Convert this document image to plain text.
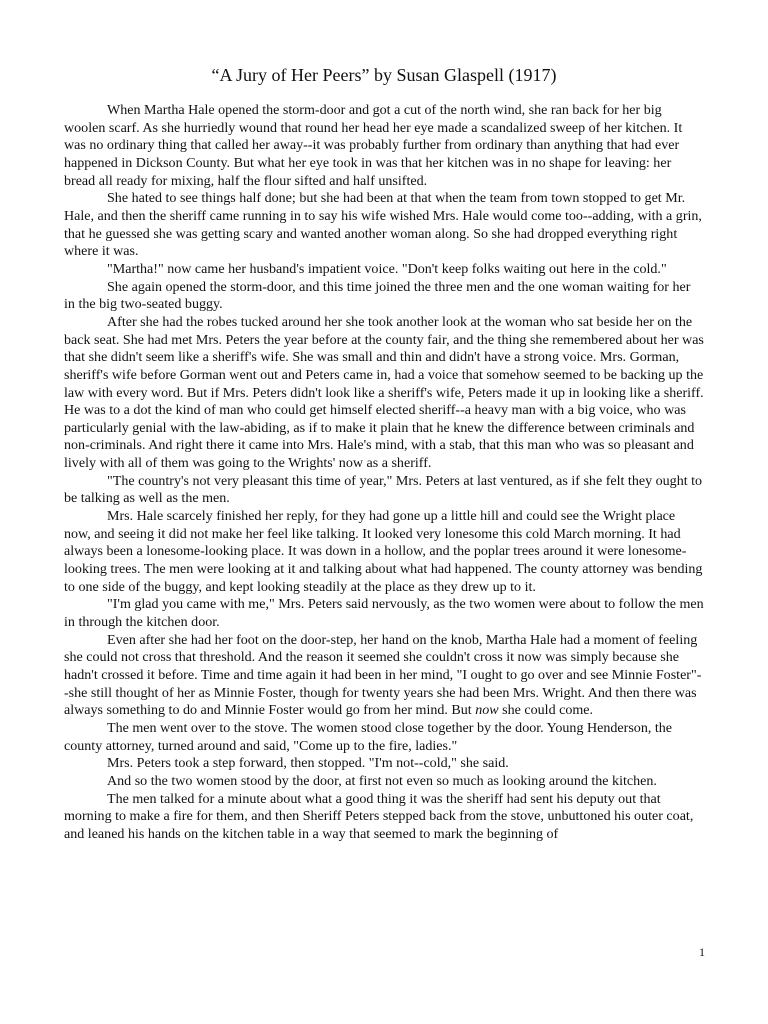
“A Jury of Her Peers” by Susan Glaspell (1917)

When Martha Hale opened the storm-door and got a cut of the north wind, she ran back for her big woolen scarf. As she hurriedly wound that round her head her eye made a scandalized sweep of her kitchen. It was no ordinary thing that called her away--it was probably further from ordinary than anything that had ever happened in Dickson County. But what her eye took in was that her kitchen was in no shape for leaving: her bread all ready for mixing, half the flour sifted and half unsifted.

She hated to see things half done; but she had been at that when the team from town stopped to get Mr. Hale, and then the sheriff came running in to say his wife wished Mrs. Hale would come too--adding, with a grin, that he guessed she was getting scary and wanted another woman along. So she had dropped everything right where it was.

"Martha!" now came her husband's impatient voice. "Don't keep folks waiting out here in the cold."

She again opened the storm-door, and this time joined the three men and the one woman waiting for her in the big two-seated buggy.

After she had the robes tucked around her she took another look at the woman who sat beside her on the back seat. She had met Mrs. Peters the year before at the county fair, and the thing she remembered about her was that she didn't seem like a sheriff's wife. She was small and thin and didn't have a strong voice. Mrs. Gorman, sheriff's wife before Gorman went out and Peters came in, had a voice that somehow seemed to be backing up the law with every word. But if Mrs. Peters didn't look like a sheriff's wife, Peters made it up in looking like a sheriff. He was to a dot the kind of man who could get himself elected sheriff--a heavy man with a big voice, who was particularly genial with the law-abiding, as if to make it plain that he knew the difference between criminals and non-criminals. And right there it came into Mrs. Hale's mind, with a stab, that this man who was so pleasant and lively with all of them was going to the Wrights' now as a sheriff.

"The country's not very pleasant this time of year," Mrs. Peters at last ventured, as if she felt they ought to be talking as well as the men.

Mrs. Hale scarcely finished her reply, for they had gone up a little hill and could see the Wright place now, and seeing it did not make her feel like talking. It looked very lonesome this cold March morning. It had always been a lonesome-looking place. It was down in a hollow, and the poplar trees around it were lonesome-looking trees. The men were looking at it and talking about what had happened. The county attorney was bending to one side of the buggy, and kept looking steadily at the place as they drew up to it.

"I'm glad you came with me," Mrs. Peters said nervously, as the two women were about to follow the men in through the kitchen door.

Even after she had her foot on the door-step, her hand on the knob, Martha Hale had a moment of feeling she could not cross that threshold. And the reason it seemed she couldn't cross it now was simply because she hadn't crossed it before. Time and time again it had been in her mind, "I ought to go over and see Minnie Foster"--she still thought of her as Minnie Foster, though for twenty years she had been Mrs. Wright. And then there was always something to do and Minnie Foster would go from her mind. But now she could come.

The men went over to the stove. The women stood close together by the door. Young Henderson, the county attorney, turned around and said, "Come up to the fire, ladies."

Mrs. Peters took a step forward, then stopped. "I'm not--cold," she said.

And so the two women stood by the door, at first not even so much as looking around the kitchen.

The men talked for a minute about what a good thing it was the sheriff had sent his deputy out that morning to make a fire for them, and then Sheriff Peters stepped back from the stove, unbuttoned his outer coat, and leaned his hands on the kitchen table in a way that seemed to mark the beginning of

1
